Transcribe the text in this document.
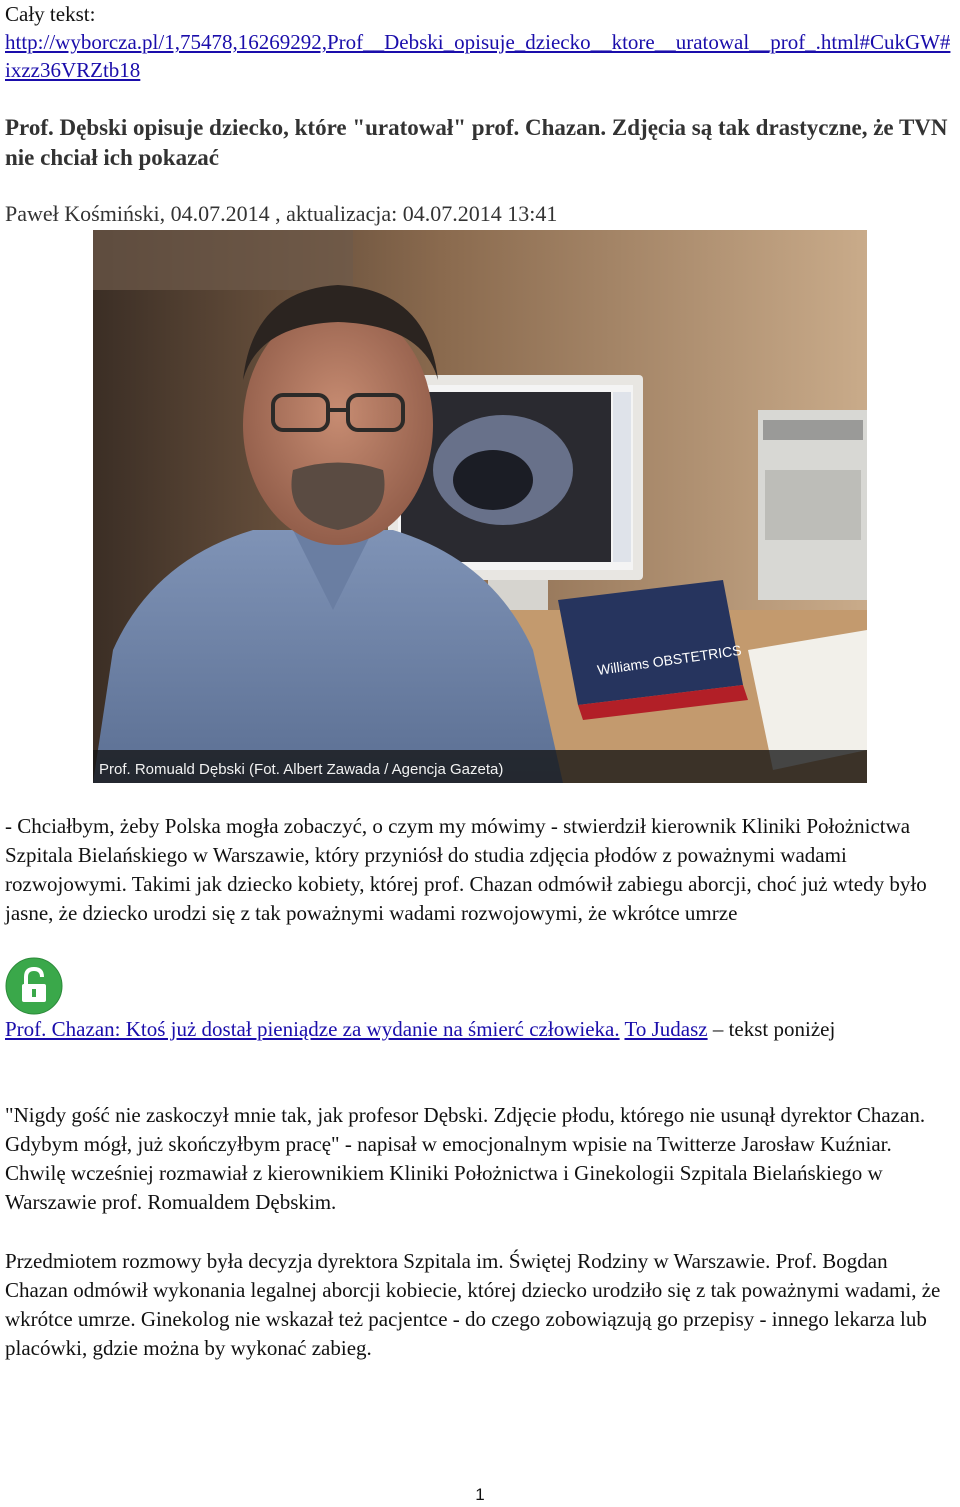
Cały tekst:

http://wyborcza.pl/1,75478,16269292,Prof__Debski_opisuje_dziecko__ktore__uratowal__prof_.html#CukGW#ixzz36VRZtb18
Prof. Dębski opisuje dziecko, które "uratował" prof. Chazan. Zdjęcia są tak drastyczne, że TVN nie chciał ich pokazać

Paweł Kośmiński, 04.07.2014 , aktualizacja: 04.07.2014 13:41

Williams OBSTETRICS
Prof. Romuald Dębski (Fot. Albert Zawada / Agencja Gazeta)

- Chciałbym, żeby Polska mogła zobaczyć, o czym my mówimy - stwierdził kierownik Kliniki Położnictwa Szpitala Bielańskiego w Warszawie, który przyniósł do studia zdjęcia płodów z poważnymi wadami rozwojowymi. Takimi jak dziecko kobiety, której prof. Chazan odmówił zabiegu aborcji, choć już wtedy było jasne, że dziecko urodzi się z tak poważnymi wadami rozwojowymi, że wkrótce umrze

Prof. Chazan: Ktoś już dostał pieniądze za wydanie na śmierć człowieka. To Judasz – tekst poniżej

"Nigdy gość nie zaskoczył mnie tak, jak profesor Dębski. Zdjęcie płodu, którego nie usunął dyrektor Chazan. Gdybym mógł, już skończyłbym pracę" - napisał w emocjonalnym wpisie na Twitterze Jarosław Kuźniar. Chwilę wcześniej rozmawiał z kierownikiem Kliniki Położnictwa i Ginekologii Szpitala Bielańskiego w Warszawie prof. Romualdem Dębskim.

Przedmiotem rozmowy była decyzja dyrektora Szpitala im. Świętej Rodziny w Warszawie. Prof. Bogdan Chazan odmówił wykonania legalnej aborcji kobiecie, której dziecko urodziło się z tak poważnymi wadami, że wkrótce umrze. Ginekolog nie wskazał też pacjentce - do czego zobowiązują go przepisy - innego lekarza lub placówki, gdzie można by wykonać zabieg.

1
